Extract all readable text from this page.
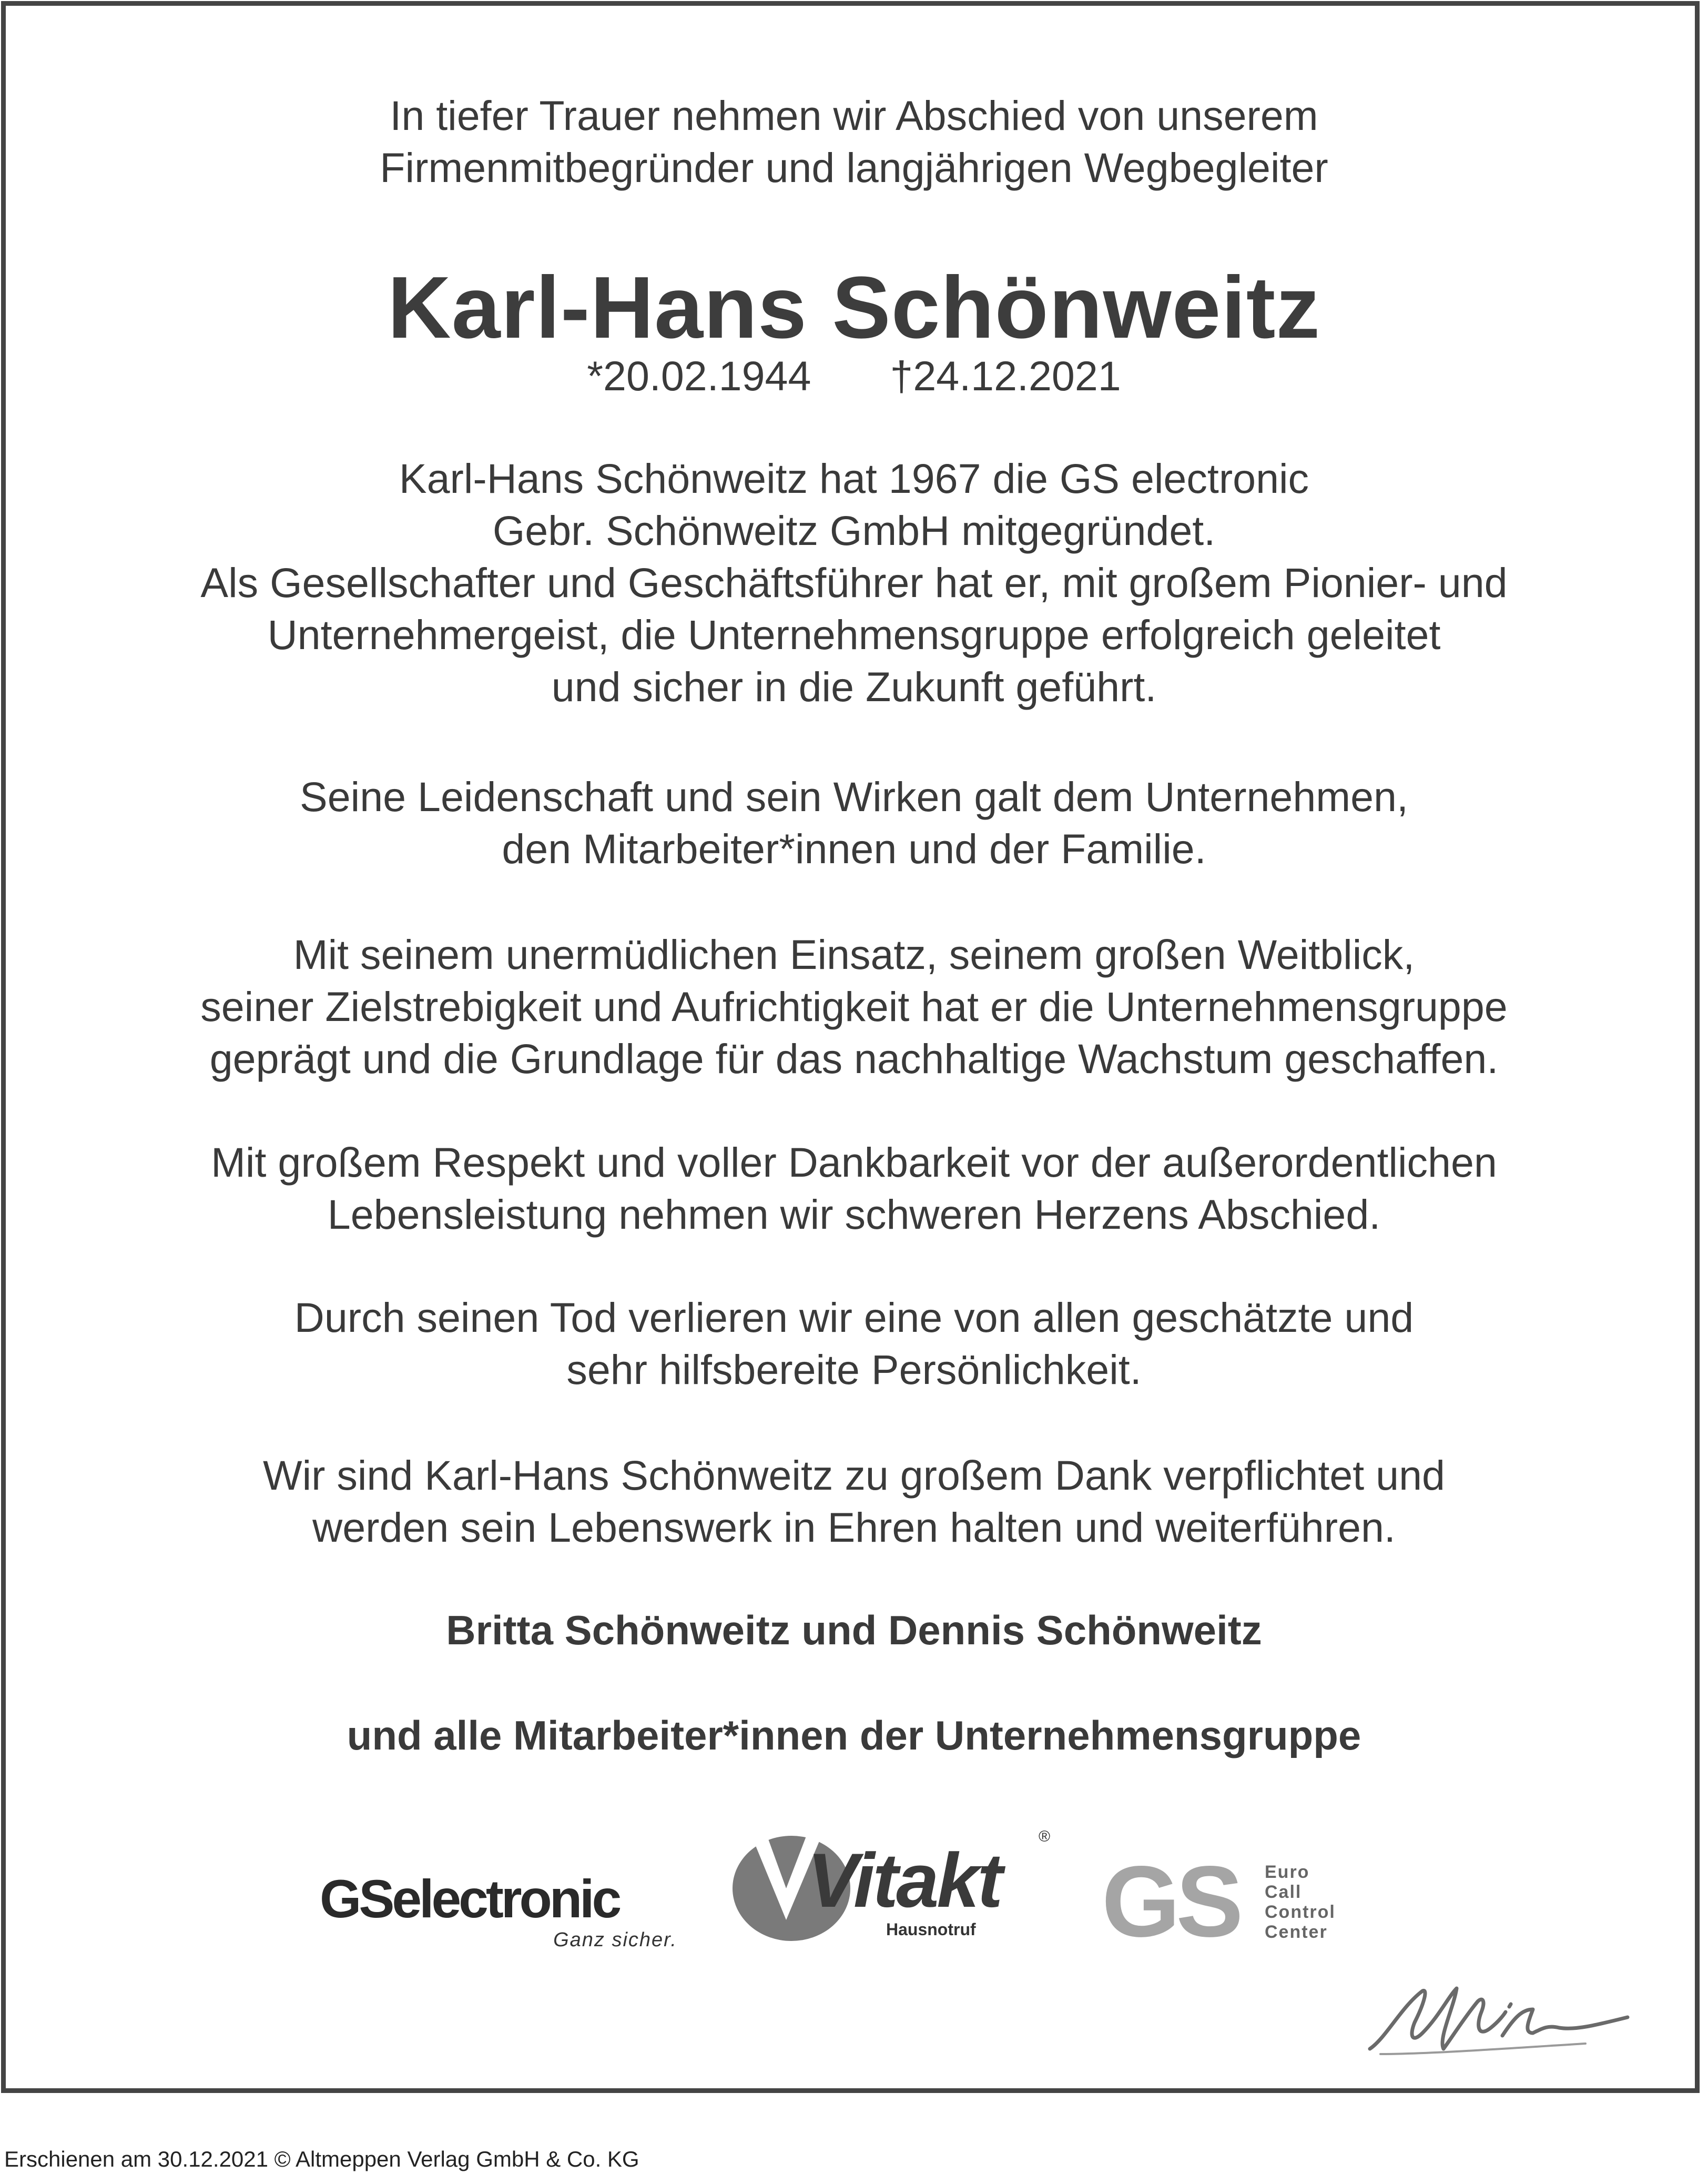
In tiefer Trauer nehmen wir Abschied von unserem
Firmenmitbegründer und langjährigen Wegbegleiter
Karl-Hans Schönweitz
*20.02.1944 †24.12.2021
Karl-Hans Schönweitz hat 1967 die GS electronic
Gebr. Schönweitz GmbH mitgegründet.
Als Gesellschafter und Geschäftsführer hat er, mit großem Pionier- und
Unternehmergeist, die Unternehmensgruppe erfolgreich geleitet
und sicher in die Zukunft geführt.
Seine Leidenschaft und sein Wirken galt dem Unternehmen,
den Mitarbeiter*innen und der Familie.
Mit seinem unermüdlichen Einsatz, seinem großen Weitblick,
seiner Zielstrebigkeit und Aufrichtigkeit hat er die Unternehmensgruppe
geprägt und die Grundlage für das nachhaltige Wachstum geschaffen.
Mit großem Respekt und voller Dankbarkeit vor der außerordentlichen
Lebensleistung nehmen wir schweren Herzens Abschied.
Durch seinen Tod verlieren wir eine von allen geschätzte und
sehr hilfsbereite Persönlichkeit.
Wir sind Karl-Hans Schönweitz zu großem Dank verpflichtet und
werden sein Lebenswerk in Ehren halten und weiterführen.
Britta Schönweitz und Dennis Schönweitz
und alle Mitarbeiter*innen der Unternehmensgruppe
GSelectronic
Ganz sicher.
Vitakt
®
Hausnotruf GS Euro
Call
Control
Center
Erschienen am 30.12.2021 © Altmeppen Verlag GmbH & Co. KG
